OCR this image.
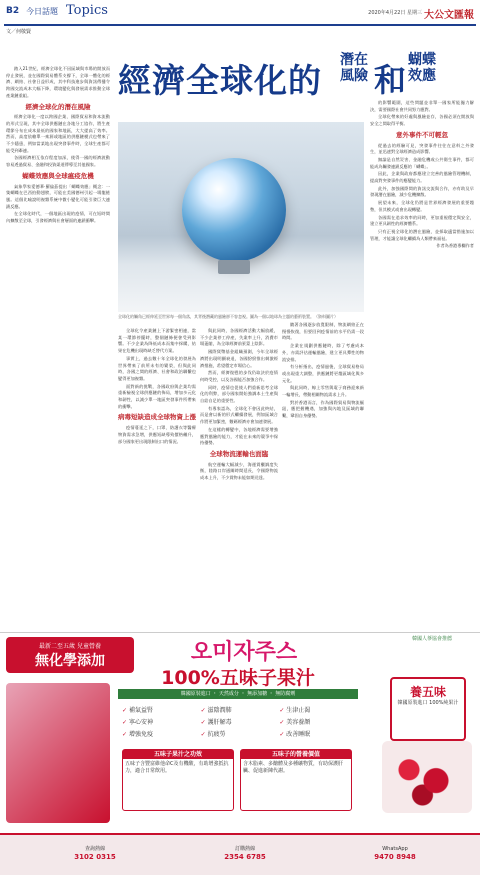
B2 今日話題 Topics	2020年4月22日 星期三 大公文匯報
文／何敬賢
經濟全球化的
潛在風險 和
蝴蝶效應

踏入21世紀，經濟全球化不因區域與市場的開放而停止發展，並在國際貿易體系支撐下，全球一體化的經濟、網絡、社會日益形成，其中科技進步與資訊傳播令跨國交流成本大幅下降，環境變化與發展需求推動全球產業鏈重組。

經濟全球化的潛在風險

經濟全球化一度以跨國企業、國際貿易和資本流動的形式呈現，其中全球供應鏈在各地分工協作，將生產環節分布在成本最低的國家和地區，大大提高了效率。然而，高度依賴單一來源或地區的供應鏈模式也帶來了不少隱患，例如當某地出現突發事件時，全球生產都可能受到牽連。

各國經濟相互依存程度加深，使得一國的經濟波動容易透過貿易、金融和投資渠道傳導至其他國家。

蝴蝶效應與全球瘟疫危機

氣象學家愛德華·羅倫茲提出「蝴蝶效應」概念：一隻蝴蝶在巴西拍動翅膀，可能在美國德州引起一場龍捲風。這個比喻說明複雜系統中微小變化可能引發巨大連鎖反應。

在全球化時代，一個地區出現的疫情，可在短時間內擴散至全球，引發經濟與社會層面的連鎖衝擊。

全球化的觸角已經伸延至世界每一個角落，其背後潛藏的風險卻不容忽視。圖為一個以地球為主題的藝術裝置。（資料圖片）

全球化令產業鏈上下游緊密相連，當某一環節停擺時，整個鏈條便會受到影響。不少企業為降低成本而集中採購，結果在危機出現時缺乏替代方案。

事實上，過去數十年全球化的發展為世界帶來了前所未有的繁榮，但與此同時，各國之間的經濟、社會和政治聯繫也變得更加複雜。

面對新的挑戰，各國政府與企業均需重新檢視全球供應鏈的佈局，增加多元化和韌性，以減少單一地區突發事件所帶來的衝擊。

病毒短缺造成全球物資上漲

疫情蔓延之下，口罩、防護衣等醫療物資需求急增，供應短缺導致價格飆升，部分國家更出現限制出口的情況。

與此同時，各國經濟活動大幅放緩，不少企業停工停產，失業率上升，消費市場萎縮，為全球經濟前景蒙上陰影。

國際貨幣基金組織預測，今年全球經濟將出現明顯衰退，各國紛紛推出刺激經濟措施，希望穩定市場信心。

然而，經濟復甦的步伐仍取決於疫情何時受控，以及各國能否加強合作。

同時，疫情也促使人們重新思考全球化的利弊，部分國家開始強調本土生產與自給自足的重要性。

有專家認為，全球化不會因此終結，而是會以新的形式繼續發展，例如區域合作將更加緊密，數碼經濟亦會加速發展。

在這樣的轉變中，各地經濟需要增強應對風險的能力，才能在未來的競爭中保持優勢。

全球物流運輸也面臨

航空運輸大幅減少，海運貨櫃調度失衡，陸路口岸通關時間延長，令國際物流成本上升，不少貨物未能如期送達。

隨著各國逐步放寬限制，物流網絡正在慢慢恢復，但要回到疫情前的水平仍需一段時間。

企業在規劃供應鏈時，除了考慮成本外，亦需評估運輸風險，建立更具彈性的物流安排。

有分析指出，疫情過後，全球貿易格局或出現重大調整，供應鏈將更趨區域化與多元化。

與此同時，線上零售與電子商務迎來新一輪增長，帶動相關物流需求上升。

對於香港而言，作為國際貿易與物流樞紐，應把握機遇，加強與內地及區域的聯繫，鞏固自身優勢。

的影響範圍，這些問題並非單一國家所能獨力解決，需要國際社會共同努力應對。

全球化帶來的好處與風險並存，各國必須在開放與安全之間取得平衡。

意外事件不可輕忽

從過去的經驗可見，突發事件往往在意料之外發生，並迅速對全球經濟造成影響。

無論是自然災害、金融危機或公共衞生事件，都可能成為觸發連鎖反應的「蝴蝶」。

因此，企業與政府都應建立完善的風險管理機制，提高對突發事件的應變能力。

此外，加強國際間的資訊交流與合作，亦有助及早發現潛在風險，減少危機擴散。

展望未來，全球化仍將是世界經濟發展的重要趨勢，但其模式或會出現轉變。

各國需在追求效率的同時，更加重視穩定與安全，建立更具韌性的經濟體系。

只有正視全球化的潛在風險，並採取適當措施加以管理，才能讓全球化繼續為人類帶來福祉。

作者為香港專欄作者

最新二至五歲 兒童營養
無化學添加	오미자주스
100%五味子果汁
韓國原裝進口 ・ 天然成分 ・ 無添加糖 ・ 無防腐劑
韓國人蔘協會推薦
養五味
韓國原裝進口 100%純果汁
✓ 補氣益腎	✓ 滋陰潤肺	✓ 生津止渴
✓ 寧心安神	✓ 護肝解毒	✓ 美容養顏
✓ 增強免疫	✓ 抗疲勞	✓ 改善睡眠
五味子果汁之功效
五味子含豐富維他命C及有機酸，有助增強抵抗力，適合日常飲用。
五味子的營養價值
含木脂素、多醣體及多種礦物質，有助保護肝臟、促進新陳代謝。
查詢熱線
3102 0315
訂購熱線
2354 6785
WhatsApp
9470 8948
